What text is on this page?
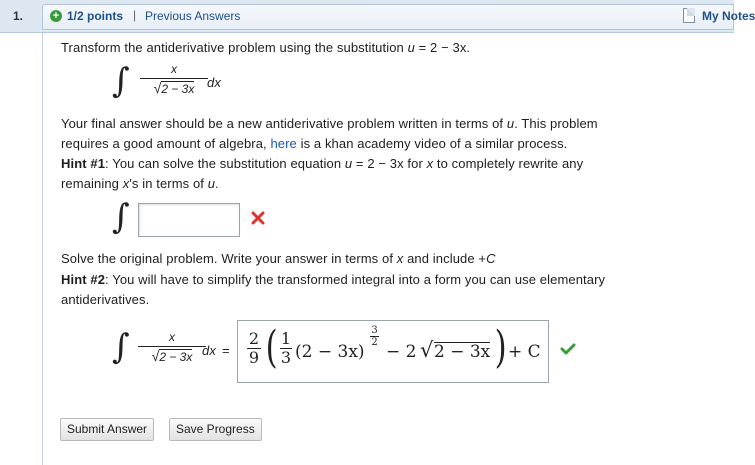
1.	+ 1/2 points | Previous Answers	My Notes
Transform the antiderivative problem using the substitution u = 2 − 3x.
∫ $\frac{x}{√2 - 3x}$ dx
Your final answer should be a new antiderivative problem written in terms of u. This problem
requires a good amount of algebra, here is a khan academy video of a similar process.
Hint #1: You can solve the substitution equation u = 2 − 3x for x to completely rewrite any
remaining x's in terms of u.
∫
Solve the original problem. Write your answer in terms of x and include +C
Hint #2: You will have to simplify the transformed integral into a form you can use elementary
antiderivatives.
∫ $\frac{x}{√2 - 3x}$
dx = $\frac{2}{9}$ ( $\frac{1}{3} (2 - 3x)$
$\frac{3}{2}$
− 2 √ 2 − 3x ) + C
Submit Answer	Save Progress
